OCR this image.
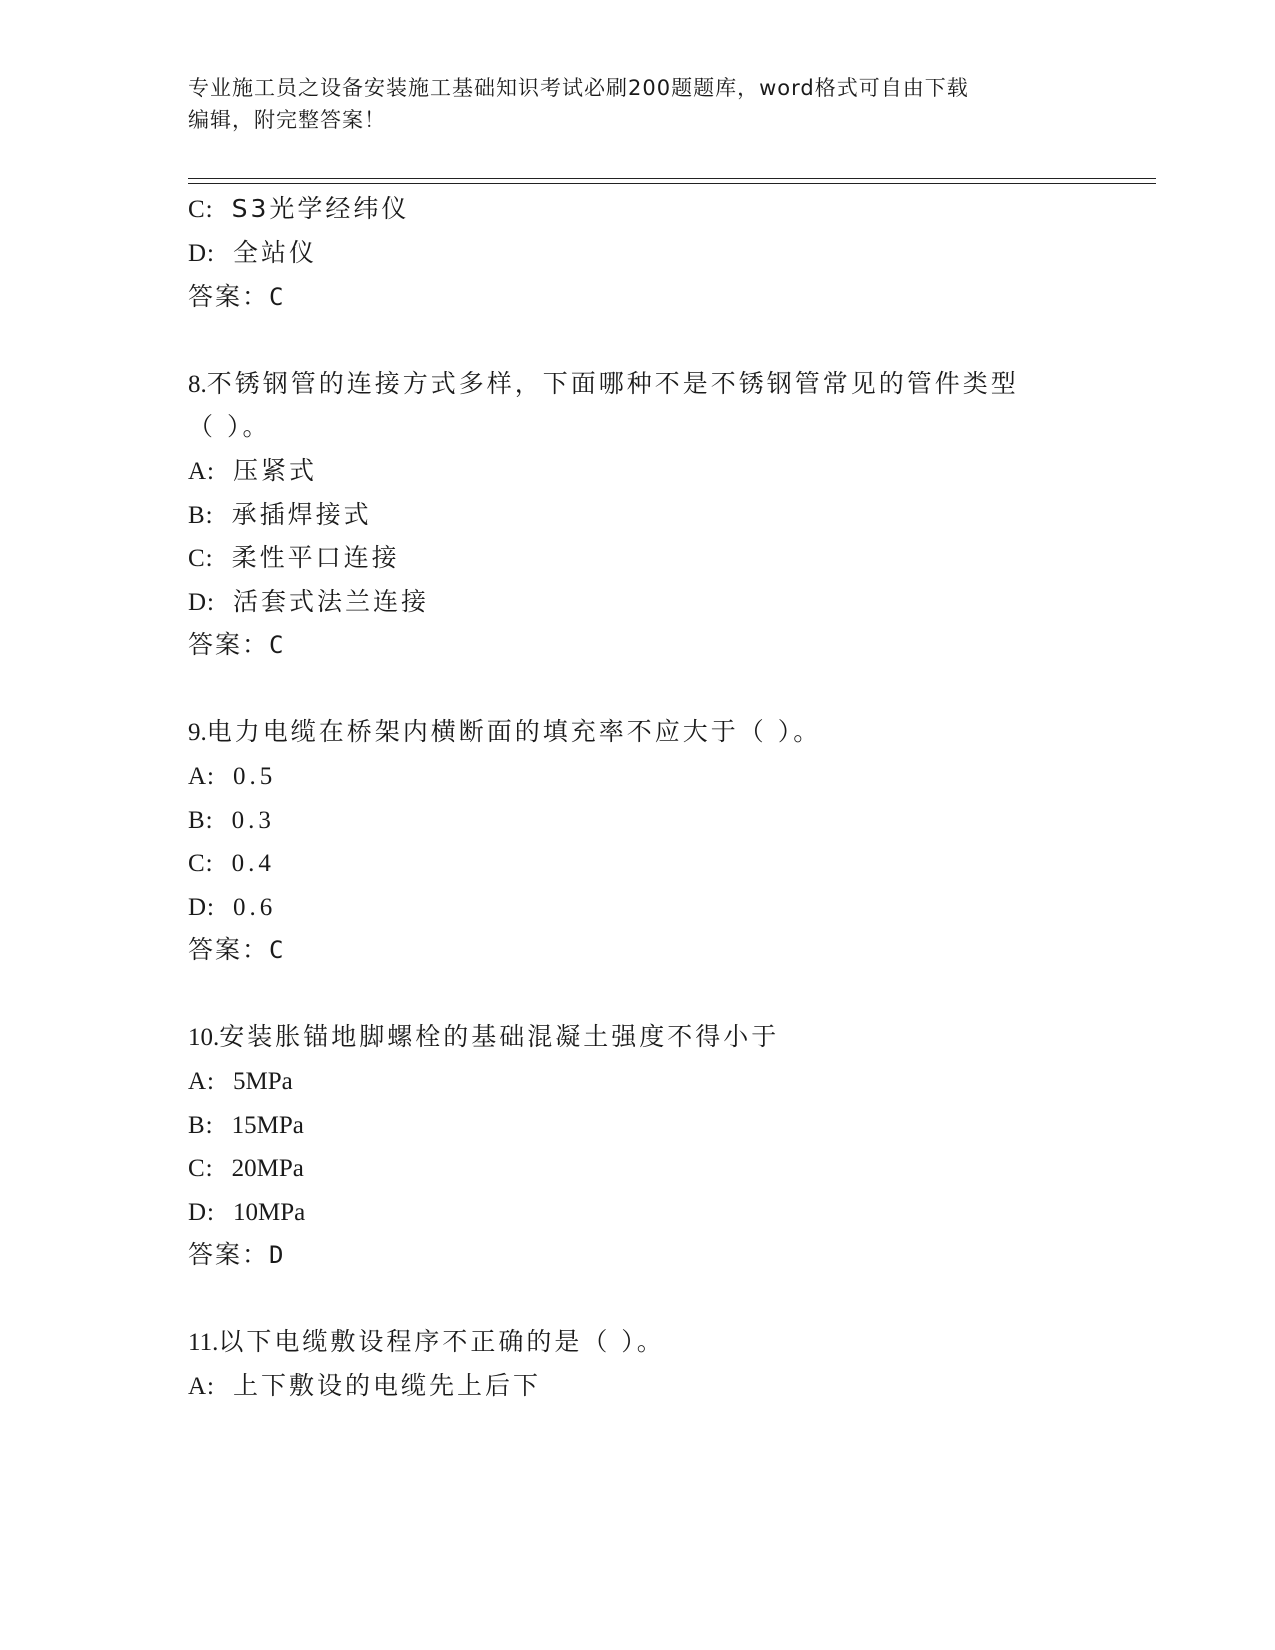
专业施工员之设备安装施工基础知识考试必刷200题题库，word格式可自由下载
编辑，附完整答案！
C: S3光学经纬仪
D: 全站仪
答案：C
8.不锈钢管的连接方式多样，下面哪种不是不锈钢管常见的管件类型
（ ）。
A: 压紧式
B: 承插焊接式
C: 柔性平口连接
D: 活套式法兰连接
答案：C
9.电力电缆在桥架内横断面的填充率不应大于（ ）。
A: 0.5
B: 0.3
C: 0.4
D: 0.6
答案：C
10.安装胀锚地脚螺栓的基础混凝土强度不得小于
A: 5MPa
B: 15MPa
C: 20MPa
D: 10MPa
答案：D
11.以下电缆敷设程序不正确的是（ ）。
A: 上下敷设的电缆先上后下
